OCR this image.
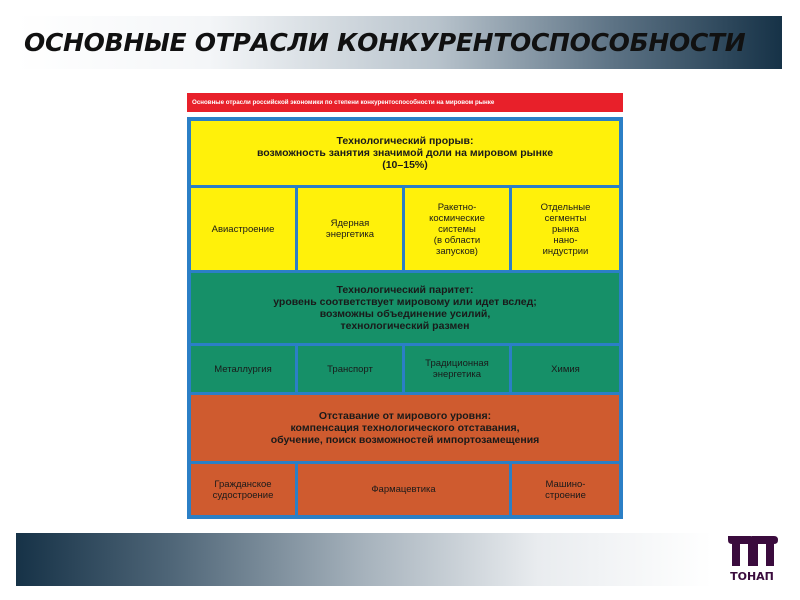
ОСНОВНЫЕ ОТРАСЛИ КОНКУРЕНТОСПОСОБНОСТИ
Основные отрасли российской экономики по степени конкурентоспособности на мировом рынке
Технологический прорыв:
возможность занятия значимой доли на мировом рынке
(10–15%)
Авиастроение	Ядерная
энергетика
Ракетно-
космические
системы
(в области
запусков)
Отдельные
сегменты
рынка
нано-
индустрии
Технологический паритет:
уровень соответствует мировому или идет вслед;
возможны объединение усилий,
технологический размен
Металлургия	Транспорт	Традиционная
энергетика	Химия
Отставание от мирового уровня:
компенсация технологического отставания,
обучение, поиск возможностей импортозамещения
Гражданское
судостроение	Фармацевтика	Машино-
строение
ТОНАП
